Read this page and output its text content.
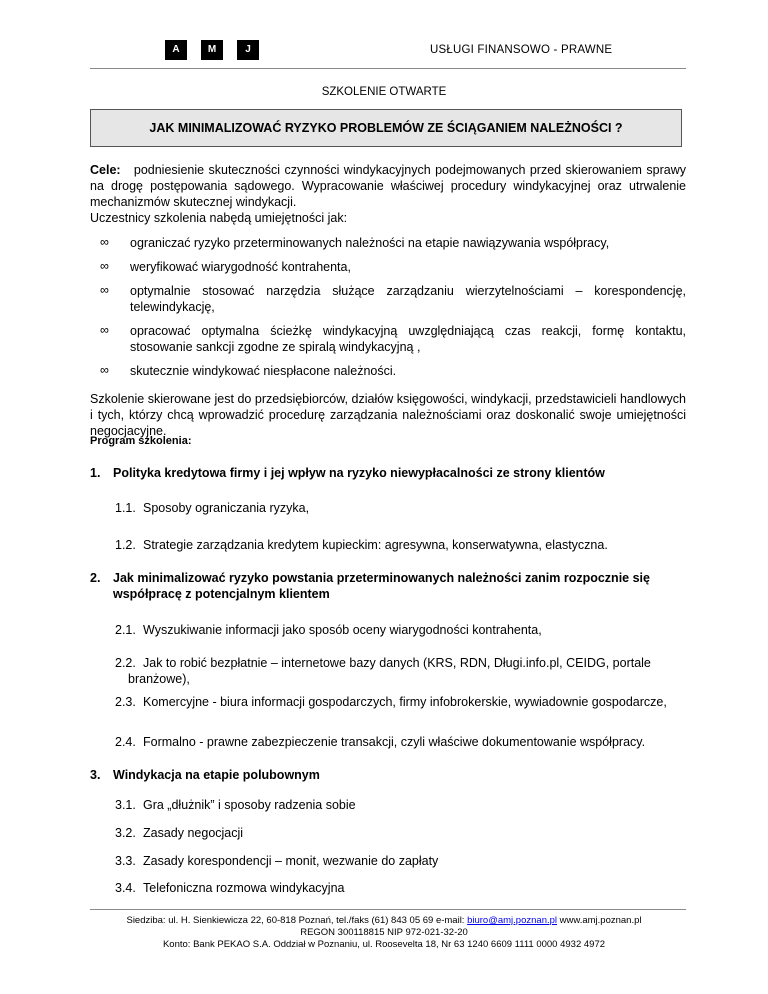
A	M	J	USŁUGI FINANSOWO - PRAWNE
SZKOLENIE OTWARTE
JAK MINIMALIZOWAĆ RYZYKO PROBLEMÓW ZE ŚCIĄGANIEM NALEŻNOŚCI ?
Cele: podniesienie skuteczności czynności windykacyjnych podejmowanych przed skierowaniem sprawy na drogę postępowania sądowego. Wypracowanie właściwej procedury windykacyjnej oraz utrwalenie mechanizmów skutecznej windykacji.
Uczestnicy szkolenia nabędą umiejętności jak:
∞ ograniczać ryzyko przeterminowanych należności na etapie nawiązywania współpracy,
∞ weryfikować wiarygodność kontrahenta,
∞ optymalnie stosować narzędzia służące zarządzaniu wierzytelnościami – korespondencję, telewindykację,
∞ opracować optymalna ścieżkę windykacyjną uwzględniającą czas reakcji, formę kontaktu, stosowanie sankcji zgodne ze spiralą windykacyjną ,
∞ skutecznie windykować niespłacone należności.
Szkolenie skierowane jest do przedsiębiorców, działów księgowości, windykacji, przedstawicieli handlowych i tych, którzy chcą wprowadzić procedurę zarządzania należnościami oraz doskonalić swoje umiejętności negocjacyjne.
Program szkolenia:
1.	Polityka kredytowa firmy i jej wpływ na ryzyko niewypłacalności ze strony klientów
1.1. Sposoby ograniczania ryzyka,
1.2. Strategie zarządzania kredytem kupieckim: agresywna, konserwatywna, elastyczna.
2.	Jak minimalizować ryzyko powstania przeterminowanych należności zanim rozpocznie się współpracę z potencjalnym klientem
2.1. Wyszukiwanie informacji jako sposób oceny wiarygodności kontrahenta,
2.2. Jak to robić bezpłatnie – internetowe bazy danych (KRS, RDN, Długi.info.pl, CEIDG, portale
branżowe),
2.3. Komercyjne - biura informacji gospodarczych, firmy infobrokerskie, wywiadownie gospodarcze,
2.4. Formalno - prawne zabezpieczenie transakcji, czyli właściwe dokumentowanie współpracy.
3.	Windykacja na etapie polubownym
3.1. Gra „dłużnik” i sposoby radzenia sobie
3.2. Zasady negocjacji
3.3. Zasady korespondencji – monit, wezwanie do zapłaty
3.4. Telefoniczna rozmowa windykacyjna
Siedziba: ul. H. Sienkiewicza 22, 60-818 Poznań, tel./faks (61) 843 05 69 e-mail: biuro@amj.poznan.pl www.amj.poznan.pl
REGON 300118815 NIP 972-021-32-20
Konto: Bank PEKAO S.A. Oddział w Poznaniu, ul. Roosevelta 18, Nr 63 1240 6609 1111 0000 4932 4972
